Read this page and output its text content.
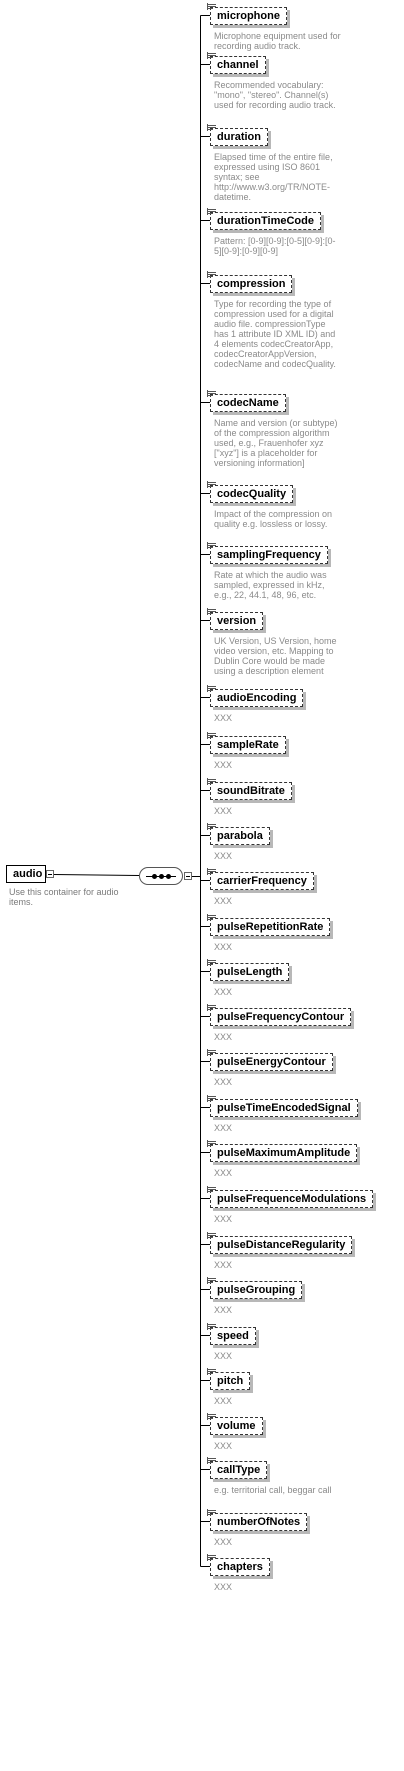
audio
Use this container for audio items.
microphone
Microphone equipment used for recording audio track.
channel
Recommended vocabulary: "mono", "stereo". Channel(s) used for recording audio track.
duration
Elapsed time of the entire file, expressed using ISO 8601 syntax; see http://www.w3.org/TR/NOTE-datetime.
durationTimeCode
Pattern: [0-9][0-9]:[0-5][0-9]:[0-5][0-9]:[0-9][0-9]
compression
Type for recording the type of compression used for a digital audio file. compressionType has 1 attribute ID XML ID) and 4 elements codecCreatorApp, codecCreatorAppVersion, codecName and codecQuality.
codecName
Name and version (or subtype) of the compression algorithm used, e.g., Frauenhofer xyz ["xyz"] is a placeholder for versioning information]
codecQuality
Impact of the compression on quality e.g. lossless or lossy.
samplingFrequency
Rate at which the audio was sampled, expressed in kHz, e.g., 22, 44.1, 48, 96, etc.
version
UK Version, US Version, home video version, etc. Mapping to Dublin Core would be made using a description element
audioEncoding
XXX
sampleRate
XXX
soundBitrate
XXX
parabola
XXX
carrierFrequency
XXX
pulseRepetitionRate
XXX
pulseLength
XXX
pulseFrequencyContour
XXX
pulseEnergyContour
XXX
pulseTimeEncodedSignal
XXX
pulseMaximumAmplitude
XXX
pulseFrequenceModulations
XXX
pulseDistanceRegularity
XXX
pulseGrouping
XXX
speed
XXX
pitch
XXX
volume
XXX
callType
e.g. territorial call, beggar call
numberOfNotes
XXX
chapters
XXX
